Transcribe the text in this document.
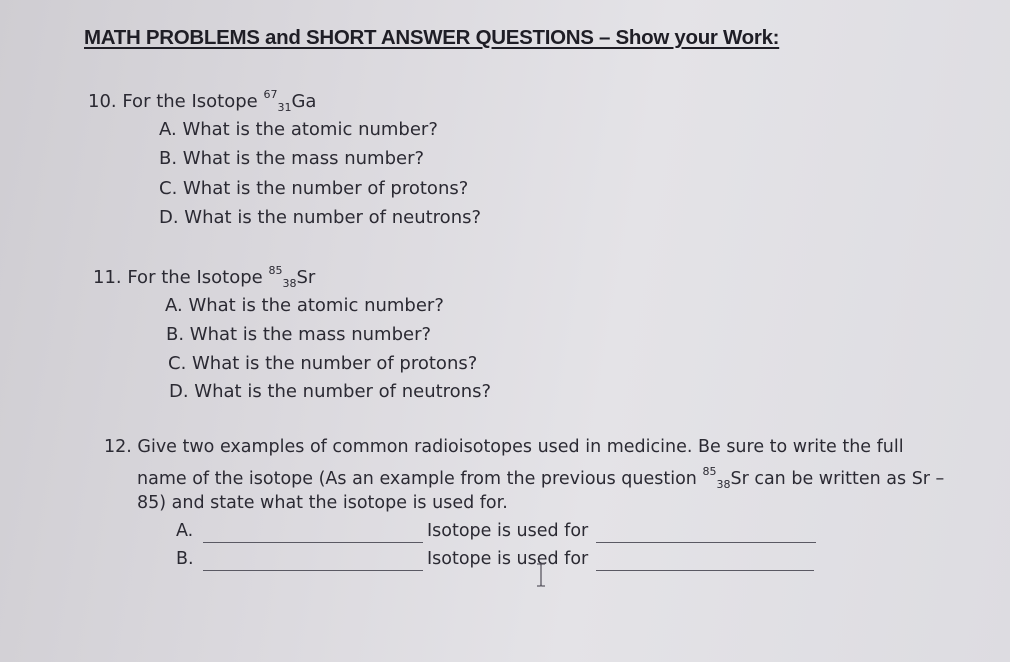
MATH PROBLEMS and SHORT ANSWER QUESTIONS – Show your Work:
10. For the Isotope $^{67}_{31}$Ga
A. What is the atomic number?
B. What is the mass number?
C. What is the number of protons?
D. What is the number of neutrons?
11. For the Isotope $^{85}_{38}$Sr
A. What is the atomic number?
B. What is the mass number?
C. What is the number of protons?
D. What is the number of neutrons?
12. Give two examples of common radioisotopes used in medicine. Be sure to write the full
name of the isotope (As an example from the previous question $^{85}_{38}$Sr can be written as Sr –
85) and state what the isotope is used for.
A.	Isotope is used for
B.	Isotope is used for
